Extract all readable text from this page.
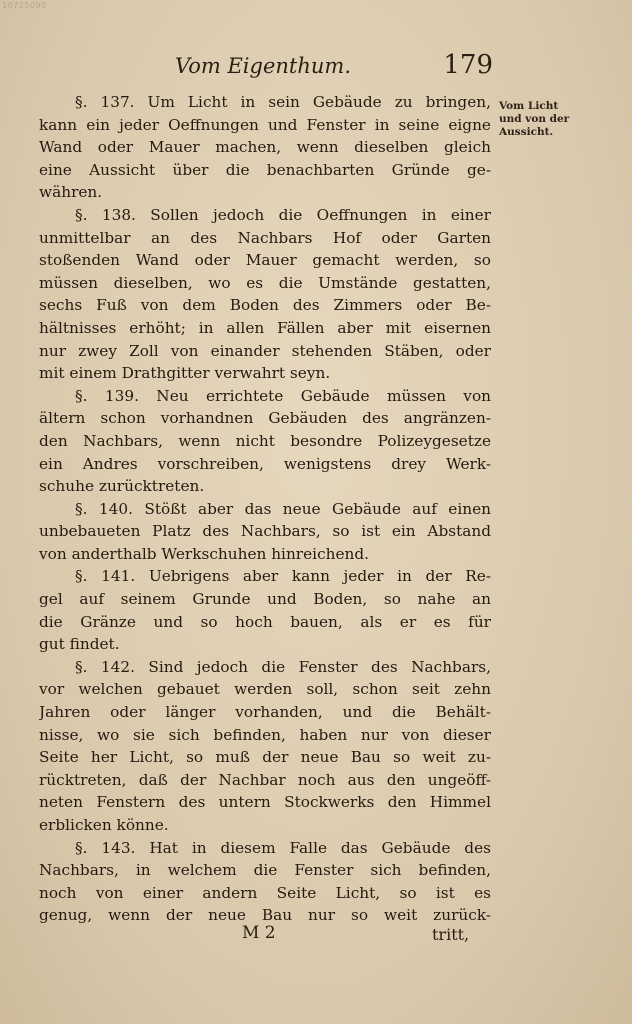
10725090
Vom Eigenthum.	179
Vom Licht
und von der
Aussicht.
§. 137. Um Licht in sein Gebäude zu bringen,
kann ein jeder Oeffnungen und Fenster in seine eigne
Wand oder Mauer machen, wenn dieselben gleich
eine Aussicht über die benachbarten Gründe ge-
währen.
§. 138. Sollen jedoch die Oeffnungen in einer
unmittelbar an des Nachbars Hof oder Garten
stoßenden Wand oder Mauer gemacht werden, so
müssen dieselben, wo es die Umstände gestatten,
sechs Fuß von dem Boden des Zimmers oder Be-
hältnisses erhöht; in allen Fällen aber mit eisernen
nur zwey Zoll von einander stehenden Stäben, oder
mit einem Drathgitter verwahrt seyn.
§. 139. Neu errichtete Gebäude müssen von
ältern schon vorhandnen Gebäuden des angränzen-
den Nachbars, wenn nicht besondre Polizeygesetze
ein Andres vorschreiben, wenigstens drey Werk-
schuhe zurücktreten.
§. 140. Stößt aber das neue Gebäude auf einen
unbebaueten Platz des Nachbars, so ist ein Abstand
von anderthalb Werkschuhen hinreichend.
§. 141. Uebrigens aber kann jeder in der Re-
gel auf seinem Grunde und Boden, so nahe an
die Gränze und so hoch bauen, als er es für
gut findet.
§. 142. Sind jedoch die Fenster des Nachbars,
vor welchen gebauet werden soll, schon seit zehn
Jahren oder länger vorhanden, und die Behält-
nisse, wo sie sich befinden, haben nur von dieser
Seite her Licht, so muß der neue Bau so weit zu-
rücktreten, daß der Nachbar noch aus den ungeöff-
neten Fenstern des untern Stockwerks den Himmel
erblicken könne.
§. 143. Hat in diesem Falle das Gebäude des
Nachbars, in welchem die Fenster sich befinden,
noch von einer andern Seite Licht, so ist es
genug, wenn der neue Bau nur so weit zurück-
M 2	tritt,
